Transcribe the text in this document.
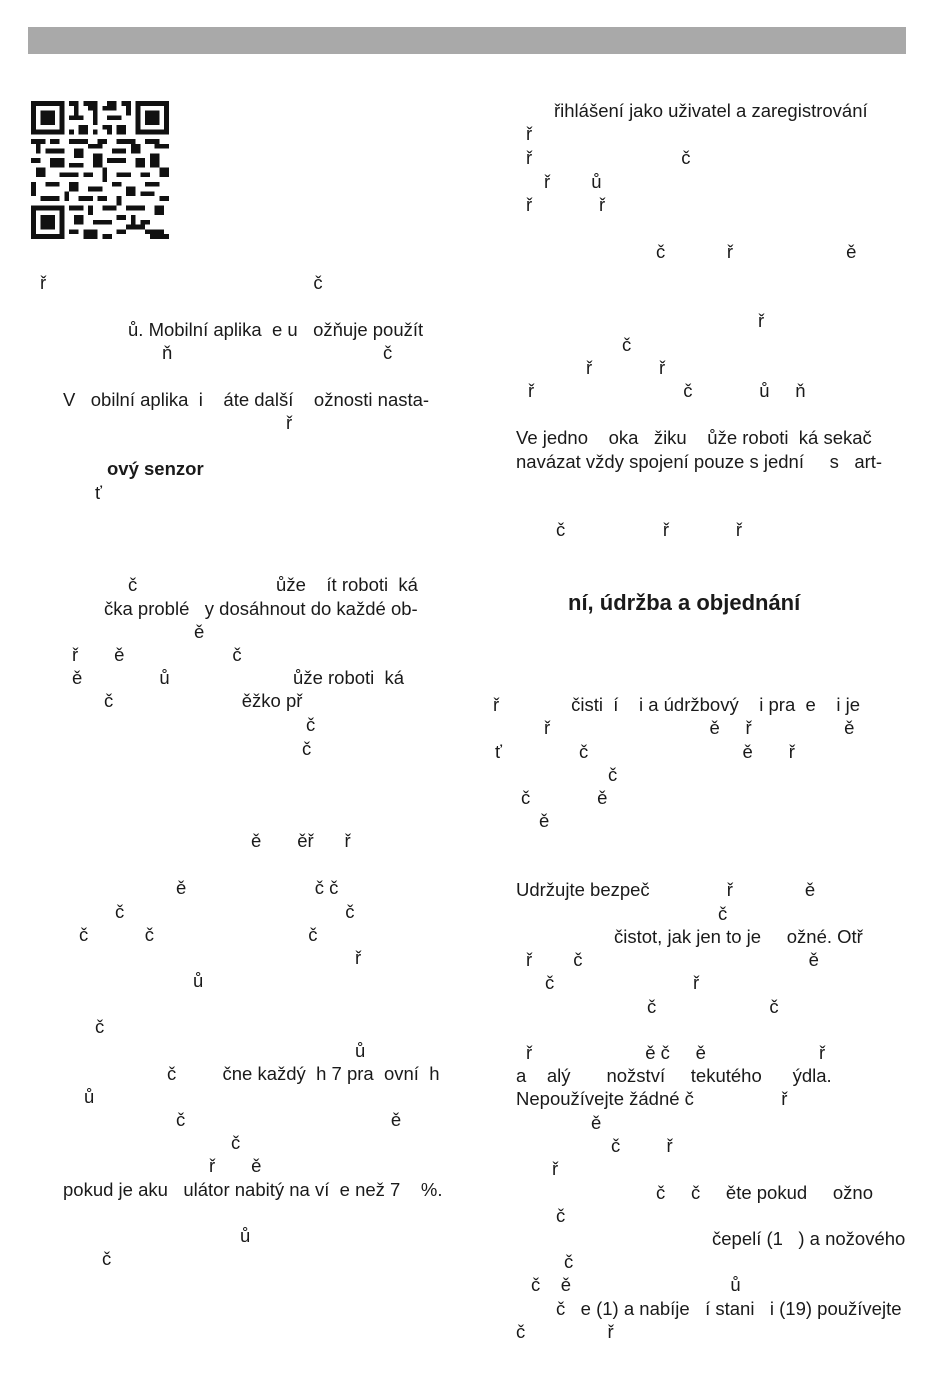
ř                                                    č
ů. Mobilní aplika  e u   ožňuje použít
ň                                         č
V   obilní aplika  i    áte další    ožnosti nasta-
ř
ový senzor
ť
č                           ůže    ít roboti  ká
čka problé   y dosáhnout do každé ob-
ě
ř       ě                     č
ě               ů                        ůže roboti  ká
č                         ěžko př
č
č
ě       ěř      ř
ě                         č č
č                                           č
č           č                              č
ř
ů
č
ů
č         čne každý  h 7 pra  ovní  h
ů
č                                        ě
č
ř       ě
pokud je aku   ulátor nabitý na ví  e než 7    %.
ů
č
řihlášení jako uživatel a zaregistrování
ř
ř                             č
ř        ů
ř             ř
č            ř                      ě
ř
č
ř             ř
ř                             č             ů     ň
Ve jedno    oka   žiku    ůže roboti  ká sekač
navázat vždy spojení pouze s jední     s   art-
č                   ř             ř
ní, údržba a objednání
ř              čisti  í    i a údržbový    i pra  e    i je
ř                               ě     ř                  ě
ť               č                              ě       ř
č
č             ě
ě
Udržujte bezpeč               ř              ě
č
čistot, jak jen to je     ožné. Otř
ř        č                                            ě
č                           ř
č                      č
ř                      ě č     ě                      ř
a    alý       nožství     tekutého      ýdla.
Nepoužívejte žádné č                 ř
ě
č         ř
ř
č     č     ěte pokud     ožno
č
čepelí (1   ) a nožového
č
č    ě                               ů
č   e (1) a nabíje   í stani   i (19) používejte
č                ř
